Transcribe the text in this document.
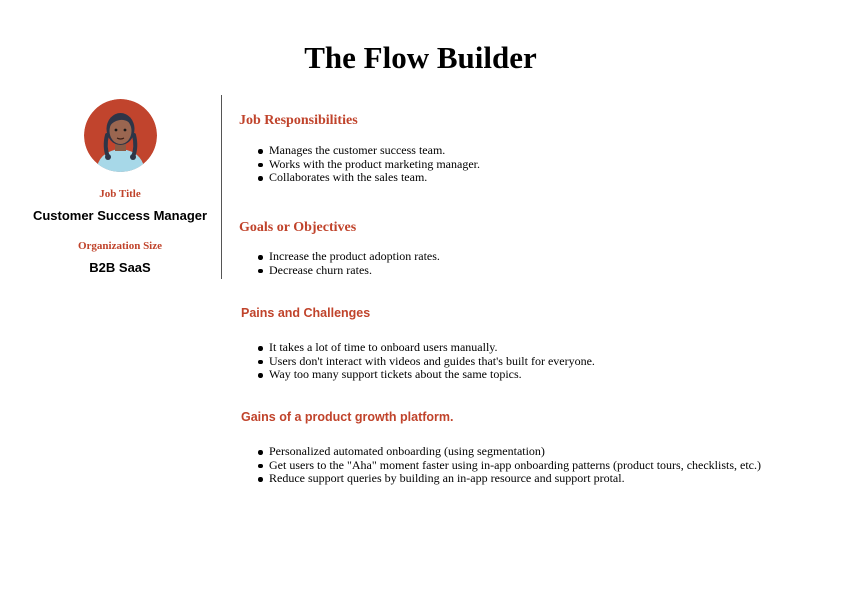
The Flow Builder
Job Title
Customer Success Manager
Organization Size
B2B SaaS
Job Responsibilities
Manages the customer success team.
Works with the product marketing manager.
Collaborates with the sales team.
Goals or Objectives
Increase the product adoption rates.
Decrease churn rates.
Pains and Challenges
It takes a lot of time to onboard users manually.
Users don't interact with videos and guides that's built for everyone.
Way too many support tickets about the same topics.
Gains of a product growth platform.
Personalized automated onboarding (using segmentation)
Get users to the "Aha" moment faster using in-app onboarding patterns (product tours, checklists, etc.)
Reduce support queries by building an in-app resource and support protal.
